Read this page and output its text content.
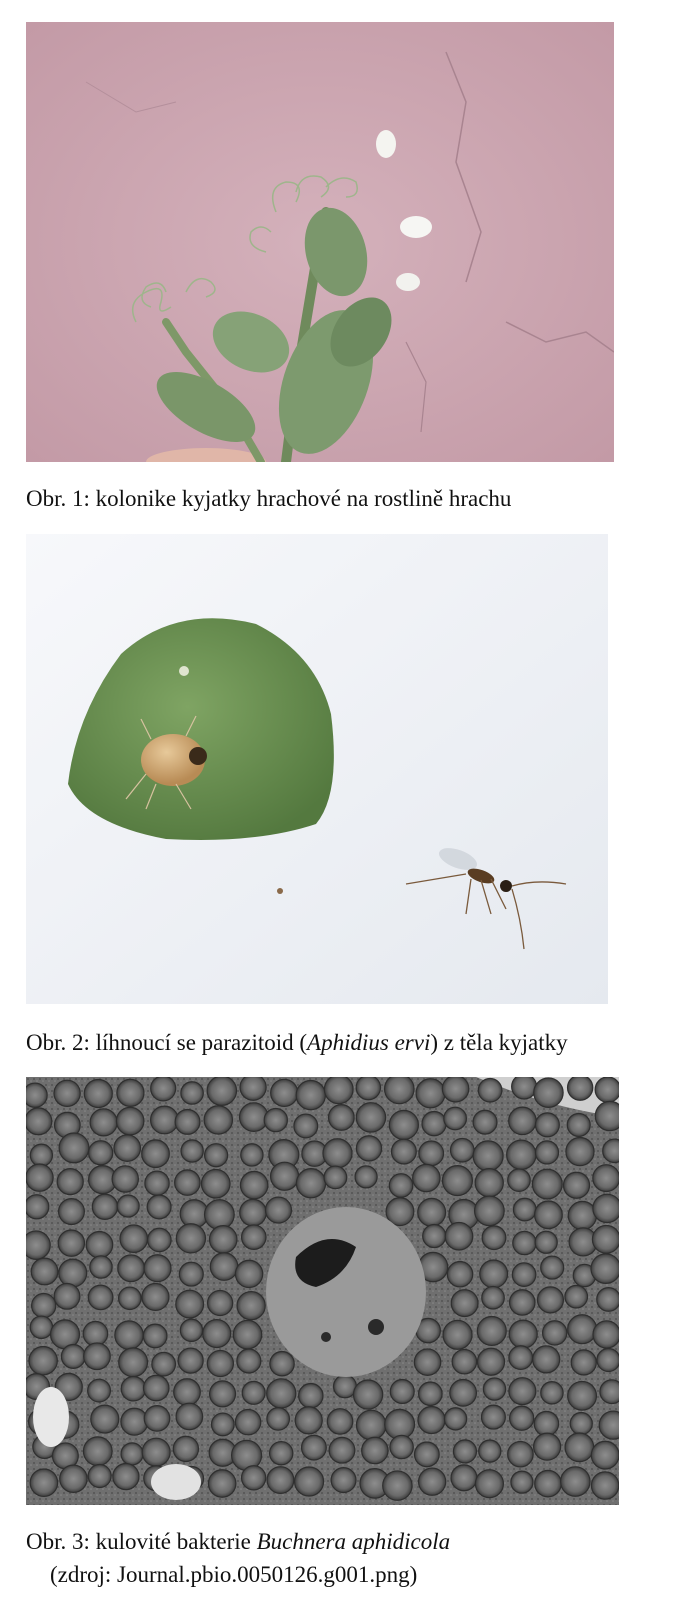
Obr. 1: kolonike kyjatky hrachové na rostlině hrachu
Obr. 2: líhnoucí se parazitoid (Aphidius ervi) z těla kyjatky
Obr. 3: kulovité bakterie Buchnera aphidicola
(zdroj: Journal.pbio.0050126.g001.png)
